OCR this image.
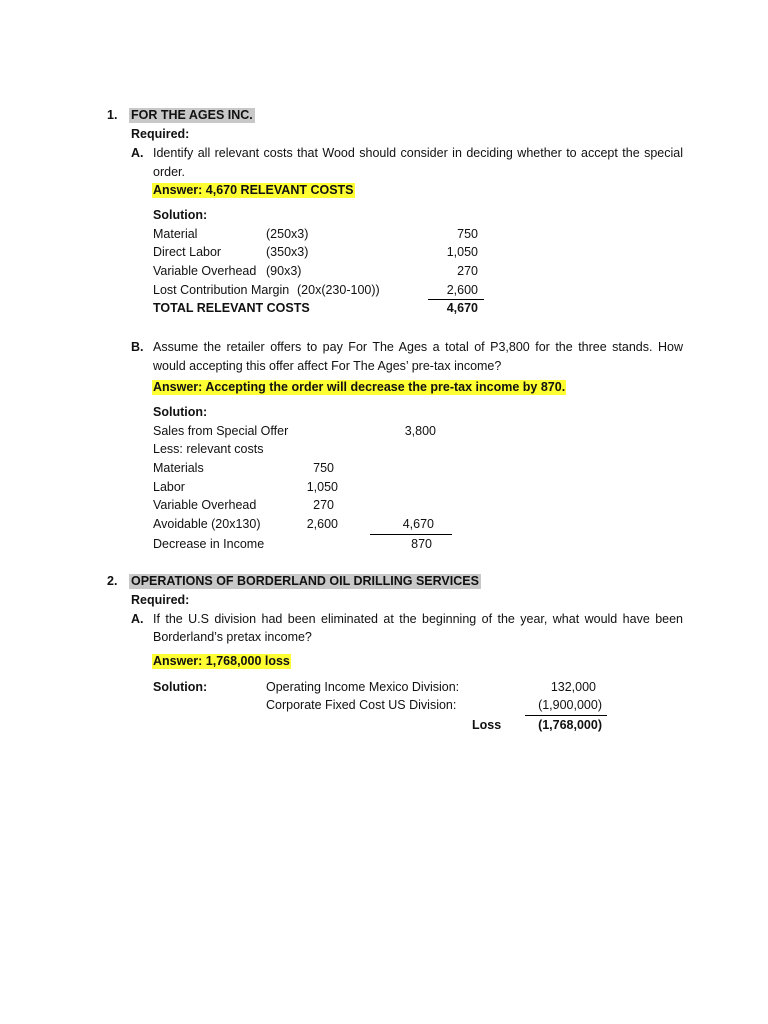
1. FOR THE AGES INC.
Required:
A. Identify all relevant costs that Wood should consider in deciding whether to accept the special
order.
Answer: 4,670 RELEVANT COSTS
Solution:
Material	(250x3)	750
Direct Labor	(350x3)	1,050
Variable Overhead (90x3)	270
Lost Contribution Margin (20x(230-100))	2,600
TOTAL RELEVANT COSTS	4,670
B. Assume the retailer offers to pay For The Ages a total of P3,800 for the three stands. How
would accepting this offer affect For The Ages’ pre-tax income?
Answer: Accepting the order will decrease the pre-tax income by 870.
Solution:
Sales from Special Offer	3,800
Less: relevant costs
Materials	750
Labor	1,050
Variable Overhead	270
Avoidable (20x130)	2,600	4,670
Decrease in Income	870
2. OPERATIONS OF BORDERLAND OIL DRILLING SERVICES
Required:
A. If the U.S division had been eliminated at the beginning of the year, what would have been
Borderland’s pretax income?
Answer: 1,768,000 loss
Solution:	Operating Income Mexico Division:	132,000
Corporate Fixed Cost US Division:	(1,900,000)
Loss	(1,768,000)
